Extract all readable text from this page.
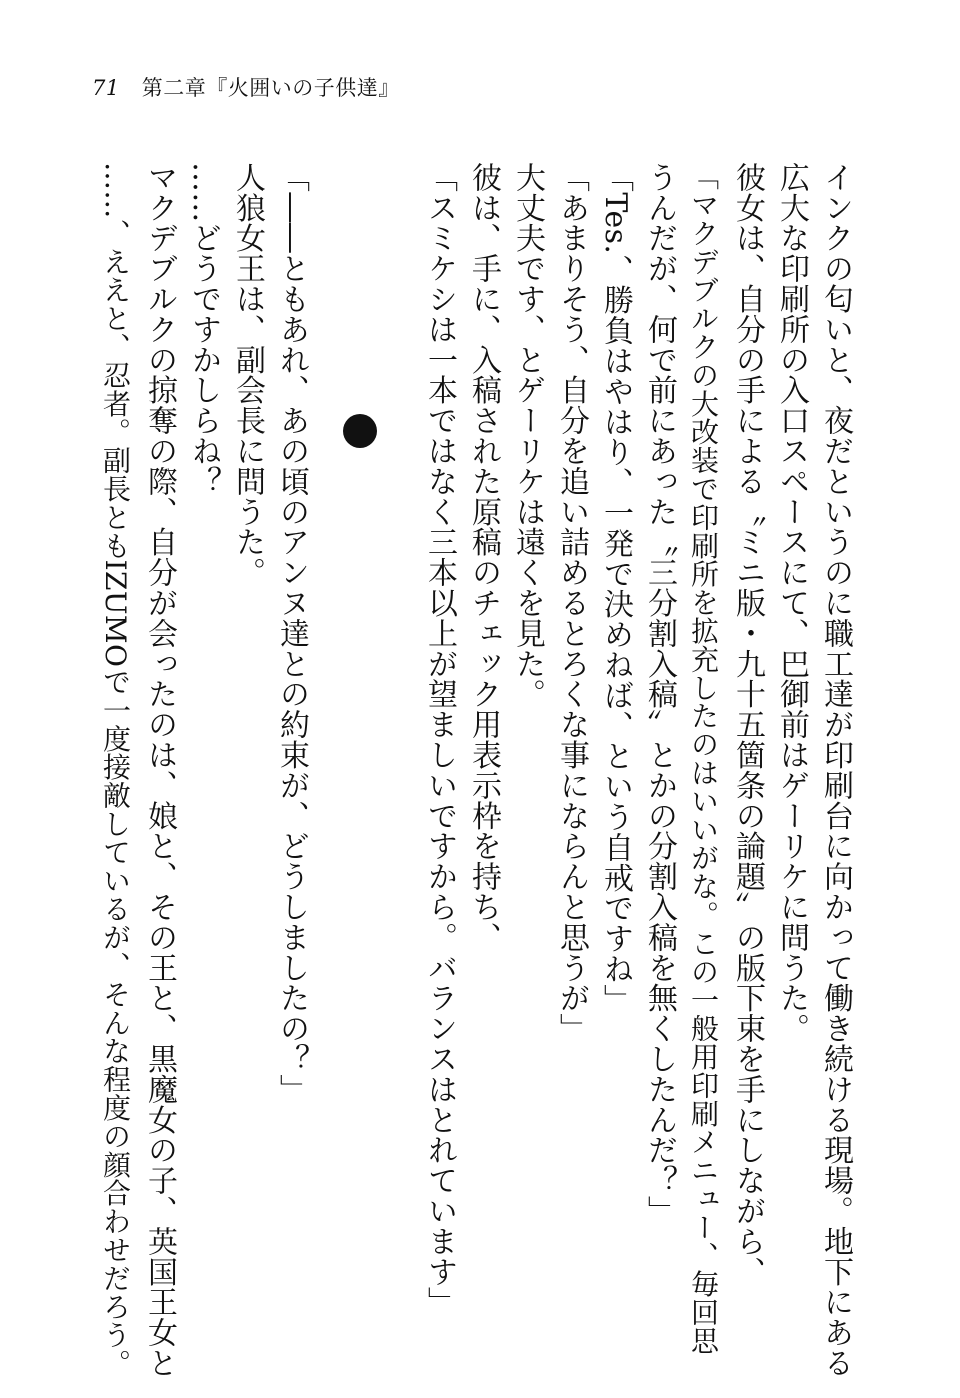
71 第二章『火囲いの子供達』
インクの匂いと、夜だというのに職工達が印刷台に向かって働き続ける現場。地下にある
広大な印刷所の入口スペースにて、巴御前はゲーリケに問うた。
彼女は、自分の手による〝ミニ版・九十五箇条の論題〟の版下束を手にしながら、
「マクデブルクの大改装で印刷所を拡充したのはいいがな。この一般用印刷メニュー、毎回思
うんだが、何で前にあった〝三分割入稿〟とかの分割入稿を無くしたんだ？」
「Tes.、勝負はやはり、一発で決めねば、という自戒ですね」
「あまりそう、自分を追い詰めるとろくな事にならんと思うが」
大丈夫です、とゲーリケは遠くを見た。
彼は、手に、入稿された原稿のチェック用表示枠を持ち、
「スミケシは一本ではなく三本以上が望ましいですから。バランスはとれています」
「――ともあれ、あの頃のアンヌ達との約束が、どうしましたの？」
人狼女王は、副会長に問うた。
……どうですかしらね？
マクデブルクの掠奪の際、自分が会ったのは、娘と、その王と、黒魔女の子、英国王女と
……、ええと、忍者。副長ともIZUMOで一度接敵しているが、そんな程度の顔合わせだろう。
